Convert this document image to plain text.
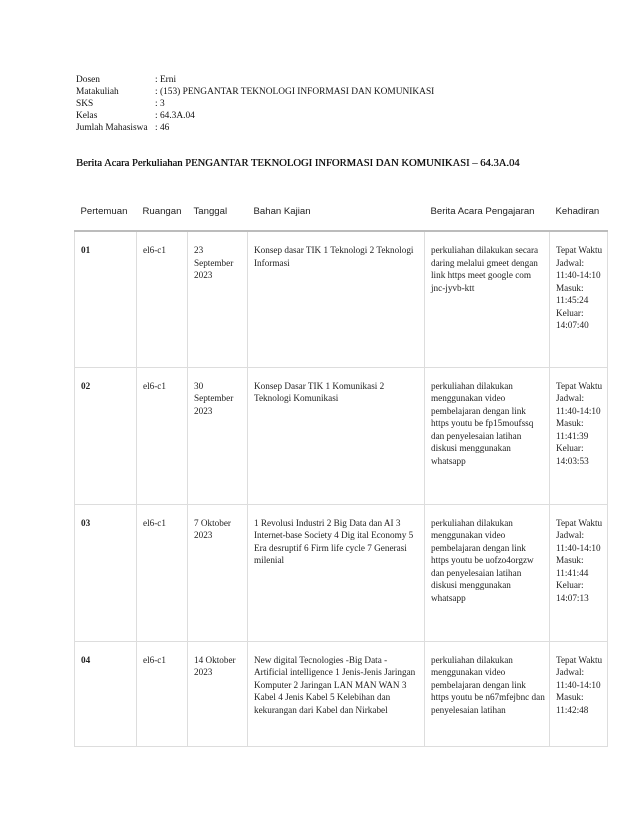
Dosen	: Erni
Matakuliah	: (153) PENGANTAR TEKNOLOGI INFORMASI DAN KOMUNIKASI
SKS	: 3
Kelas	: 64.3A.04
Jumlah Mahasiswa : 46
Berita Acara Perkuliahan PENGANTAR TEKNOLOGI INFORMASI DAN KOMUNIKASI – 64.3A.04
Pertemuan	Ruangan	Tanggal	Bahan Kajian	Berita Acara Pengajaran	Kehadiran
01	el6-c1	23 September 2023	Konsep dasar TIK 1 Teknologi 2 Teknologi Informasi	perkuliahan dilakukan secara daring melalui gmeet dengan link https meet google com jnc-jyvb-ktt	Tepat Waktu
Jadwal: 11:40-14:10
Masuk: 11:45:24
Keluar: 14:07:40

02	el6-c1	30 September 2023	Konsep Dasar TIK 1 Komunikasi 2 Teknologi Komunikasi	perkuliahan dilakukan menggunakan video pembelajaran dengan link https youtu be fp15moufssq dan penyelesaian latihan diskusi menggunakan whatsapp	Tepat Waktu
Jadwal: 11:40-14:10
Masuk: 11:41:39
Keluar: 14:03:53

03	el6-c1	7 Oktober 2023	1 Revolusi Industri 2 Big Data dan AI 3 Internet-base Society 4 Dig ital Economy 5 Era desruptif 6 Firm life cycle 7 Generasi milenial	perkuliahan dilakukan menggunakan video pembelajaran dengan link https youtu be uofzo4orgzw dan penyelesaian latihan diskusi menggunakan whatsapp	Tepat Waktu
Jadwal: 11:40-14:10
Masuk: 11:41:44
Keluar: 14:07:13

04	el6-c1	14 Oktober 2023	New digital Tecnologies -Big Data -Artificial intelligence 1 Jenis-Jenis Jaringan Komputer 2 Jaringan LAN MAN WAN 3 Kabel 4 Jenis Kabel 5 Kelebihan dan kekurangan dari Kabel dan Nirkabel	perkuliahan dilakukan menggunakan video pembelajaran dengan link https youtu be n67mfejbnc dan penyelesaian latihan	Tepat Waktu
Jadwal: 11:40-14:10
Masuk: 11:42:48
